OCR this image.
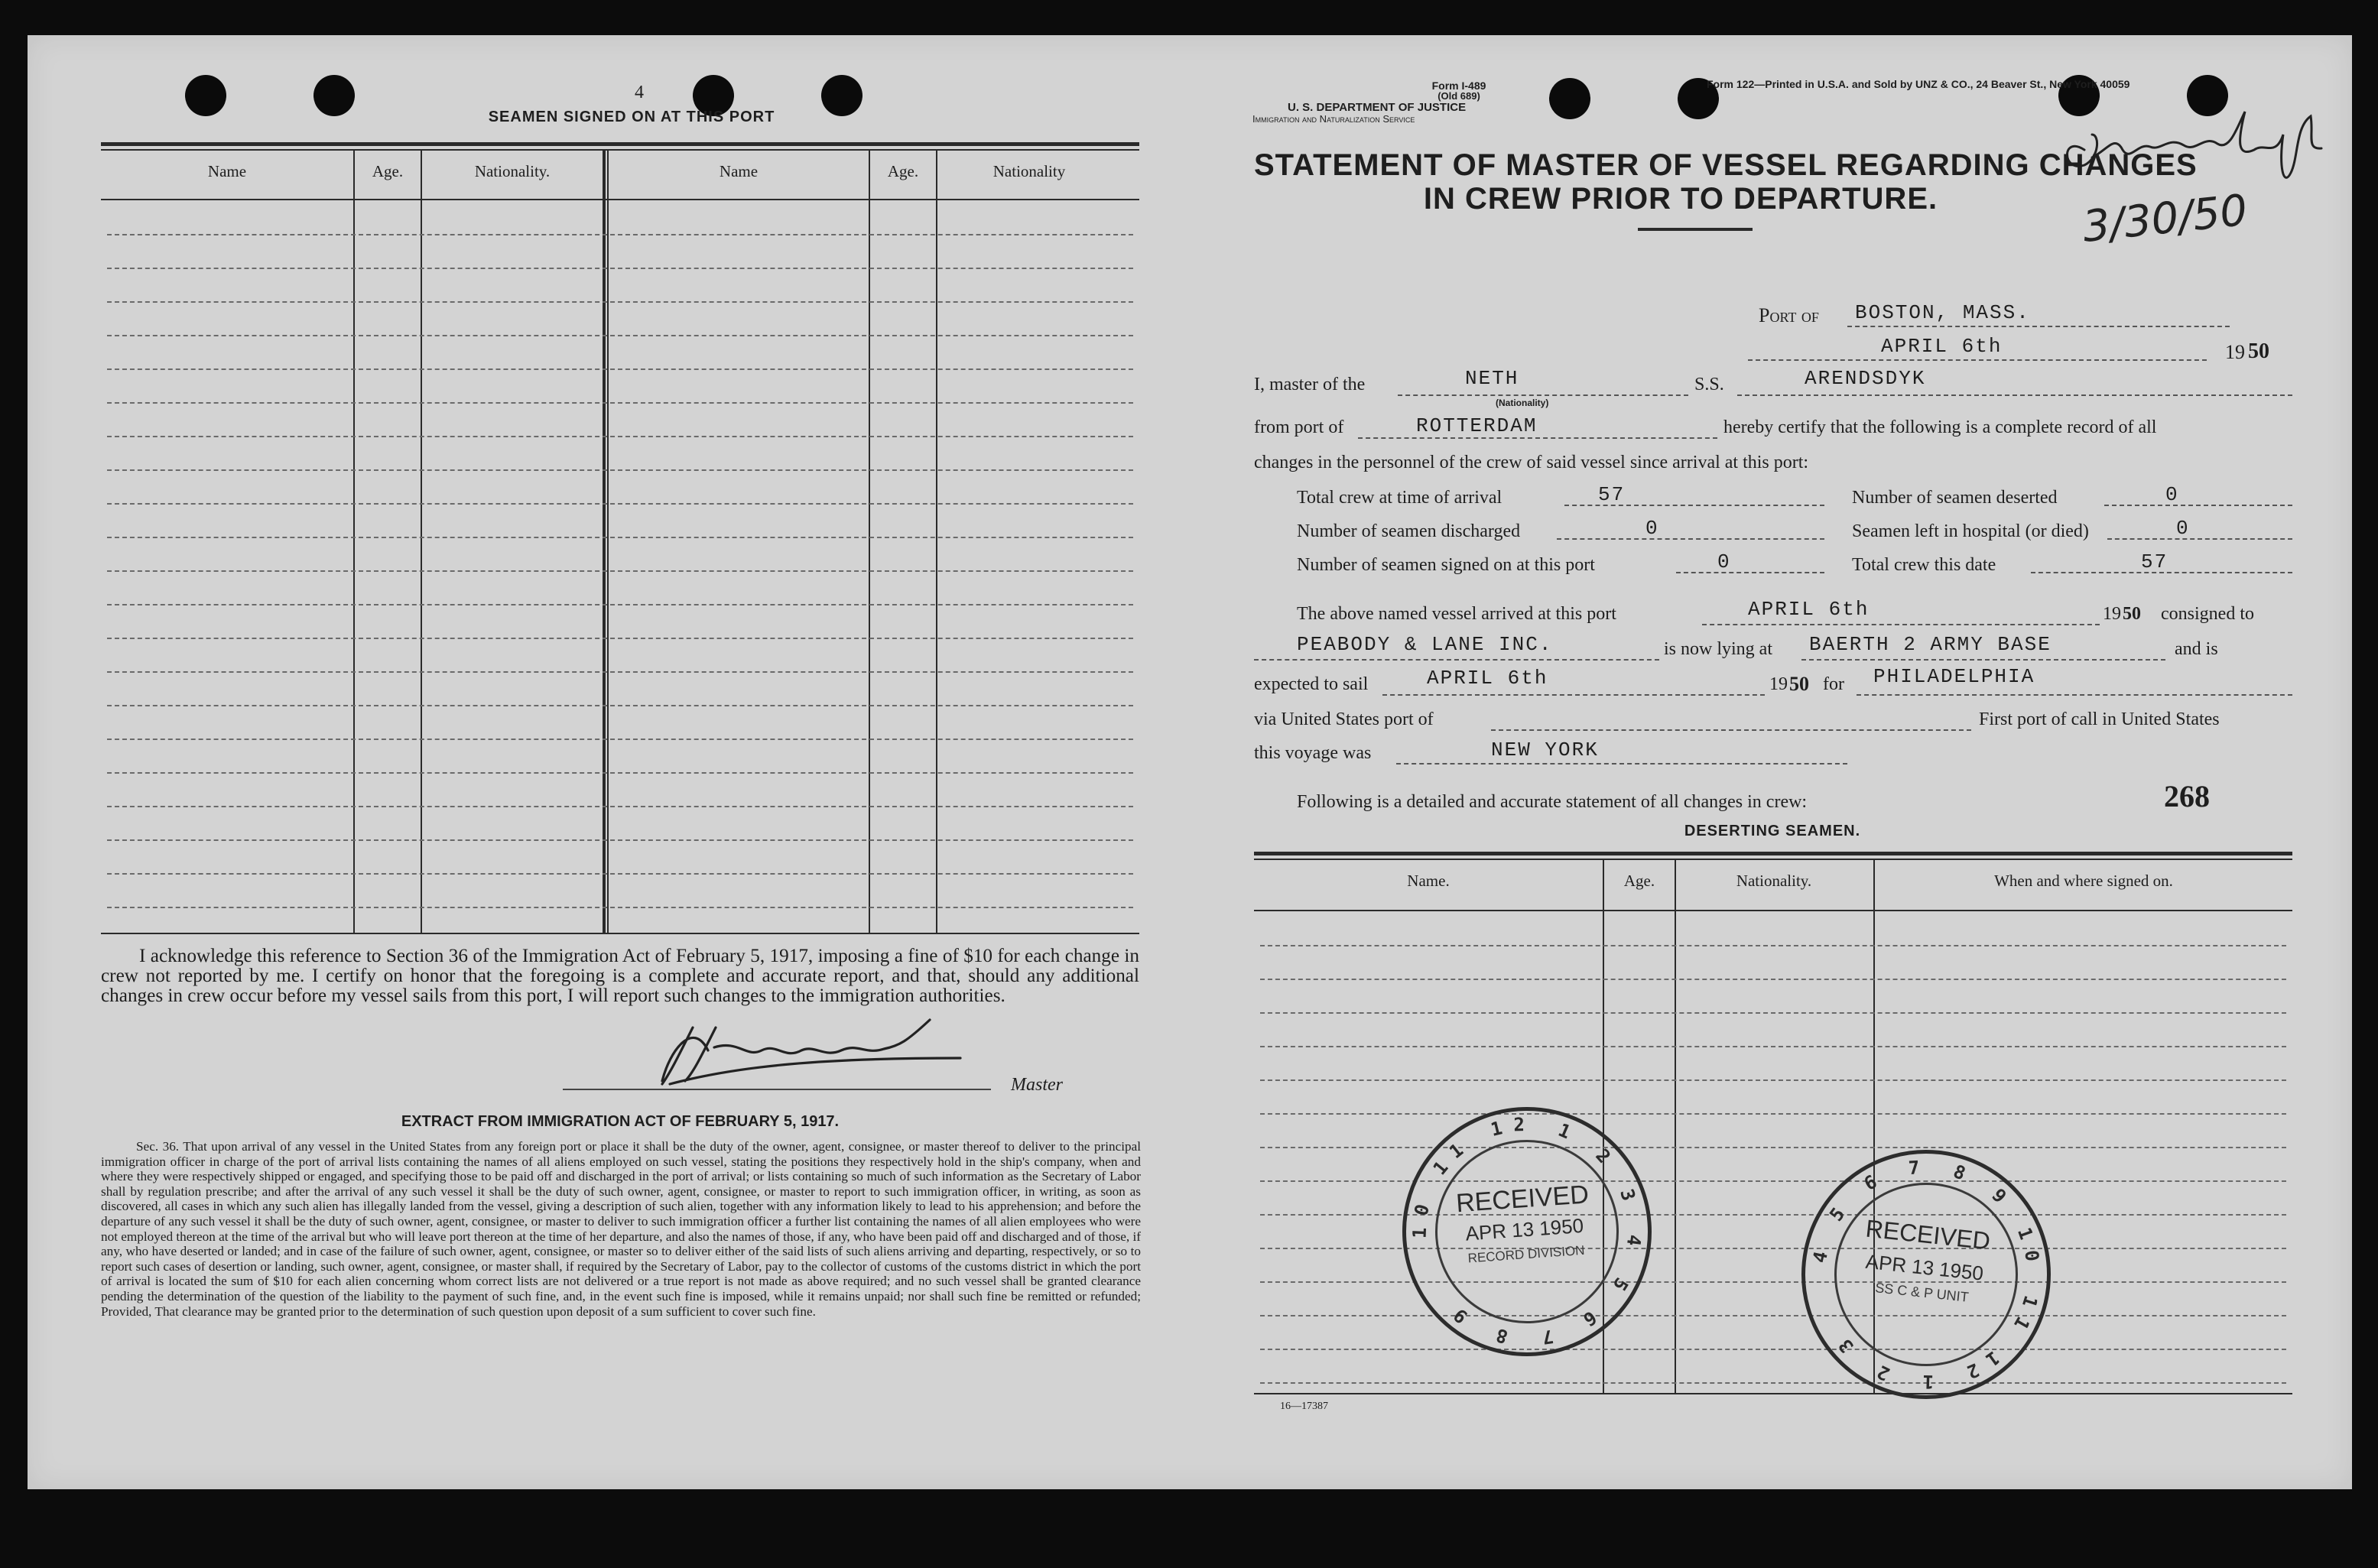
4
SEAMEN SIGNED ON AT THIS PORT
Name	Age.	Nationality.	Name	Age.	Nationality
I acknowledge this reference to Section 36 of the Immigration Act of February 5, 1917, imposing a fine of $10 for each change in crew not reported by me. I certify on honor that the foregoing is a complete and accurate report, and that, should any additional changes in crew occur before my vessel sails from this port, I will report such changes to the immigration authorities.
Master
EXTRACT FROM IMMIGRATION ACT OF FEBRUARY 5, 1917.
Sec. 36. That upon arrival of any vessel in the United States from any foreign port or place it shall be the duty of the owner, agent, consignee, or master thereof to deliver to the principal immigration officer in charge of the port of arrival lists containing the names of all aliens employed on such vessel, stating the positions they respectively hold in the ship's company, when and where they were respectively shipped or engaged, and specifying those to be paid off and discharged in the port of arrival; or lists containing so much of such information as the Secretary of Labor shall by regulation prescribe; and after the arrival of any such vessel it shall be the duty of such owner, agent, consignee, or master to report to such immigration officer, in writing, as soon as discovered, all cases in which any such alien has illegally landed from the vessel, giving a description of such alien, together with any information likely to lead to his apprehension; and before the departure of any such vessel it shall be the duty of such owner, agent, consignee, or master to deliver to such immigration officer a further list containing the names of all alien employees who were not employed thereon at the time of the arrival but who will leave port thereon at the time of her departure, and also the names of those, if any, who have been paid off and discharged and of those, if any, who have deserted or landed; and in case of the failure of such owner, agent, consignee, or master so to deliver either of the said lists of such aliens arriving and departing, respectively, or so to report such cases of desertion or landing, such owner, agent, consignee, or master shall, if required by the Secretary of Labor, pay to the collector of customs of the customs district in which the port of arrival is located the sum of $10 for each alien concerning whom correct lists are not delivered or a true report is not made as above required; and no such vessel shall be granted clearance pending the determination of the question of the liability to the payment of such fine, and, in the event such fine is imposed, while it remains unpaid; nor shall such fine be remitted or refunded; Provided, That clearance may be granted prior to the determination of such question upon deposit of a sum sufficient to cover such fine.
Form I-489
(Old 689)
U. S. DEPARTMENT OF JUSTICE
Immigration and Naturalization Service
Form 122—Printed in U.S.A. and Sold by UNZ & CO., 24 Beaver St., New York 40059
3/30/50
STATEMENT OF MASTER OF VESSEL REGARDING CHANGES
IN CREW PRIOR TO DEPARTURE.
Port of BOSTON, MASS.
APRIL 6th	19 50
I, master of the	NETH
(Nationality)
S.S.	ARENDSDYK
from port of	ROTTERDAM	hereby certify that the following is a complete record of all
changes in the personnel of the crew of said vessel since arrival at this port:
Total crew at time of arrival	57	Number of seamen deserted	0
Number of seamen discharged	0	Seamen left in hospital (or died)	0
Number of seamen signed on at this port	0	Total crew this date	57
The above named vessel arrived at this port	APRIL 6th	19 50 consigned to
PEABODY & LANE INC.	is now lying at BAERTH 2 ARMY BASE	and is
expected to sail	APRIL 6th	19 50 for PHILADELPHIA
via United States port of	First port of call in United States
this voyage was	NEW YORK
Following is a detailed and accurate statement of all changes in crew:	268
DESERTING SEAMEN.
Name.	Age.	Nationality.	When and where signed on.
16—17387
10 11 12 1 2 3 4 5 6 7 8 9
RECEIVED
APR 13 1950
RECORD DIVISION	4 5 6 7 8 9 10 11 12 1 2 3
RECEIVED
APR 13 1950
SS C & P UNIT
